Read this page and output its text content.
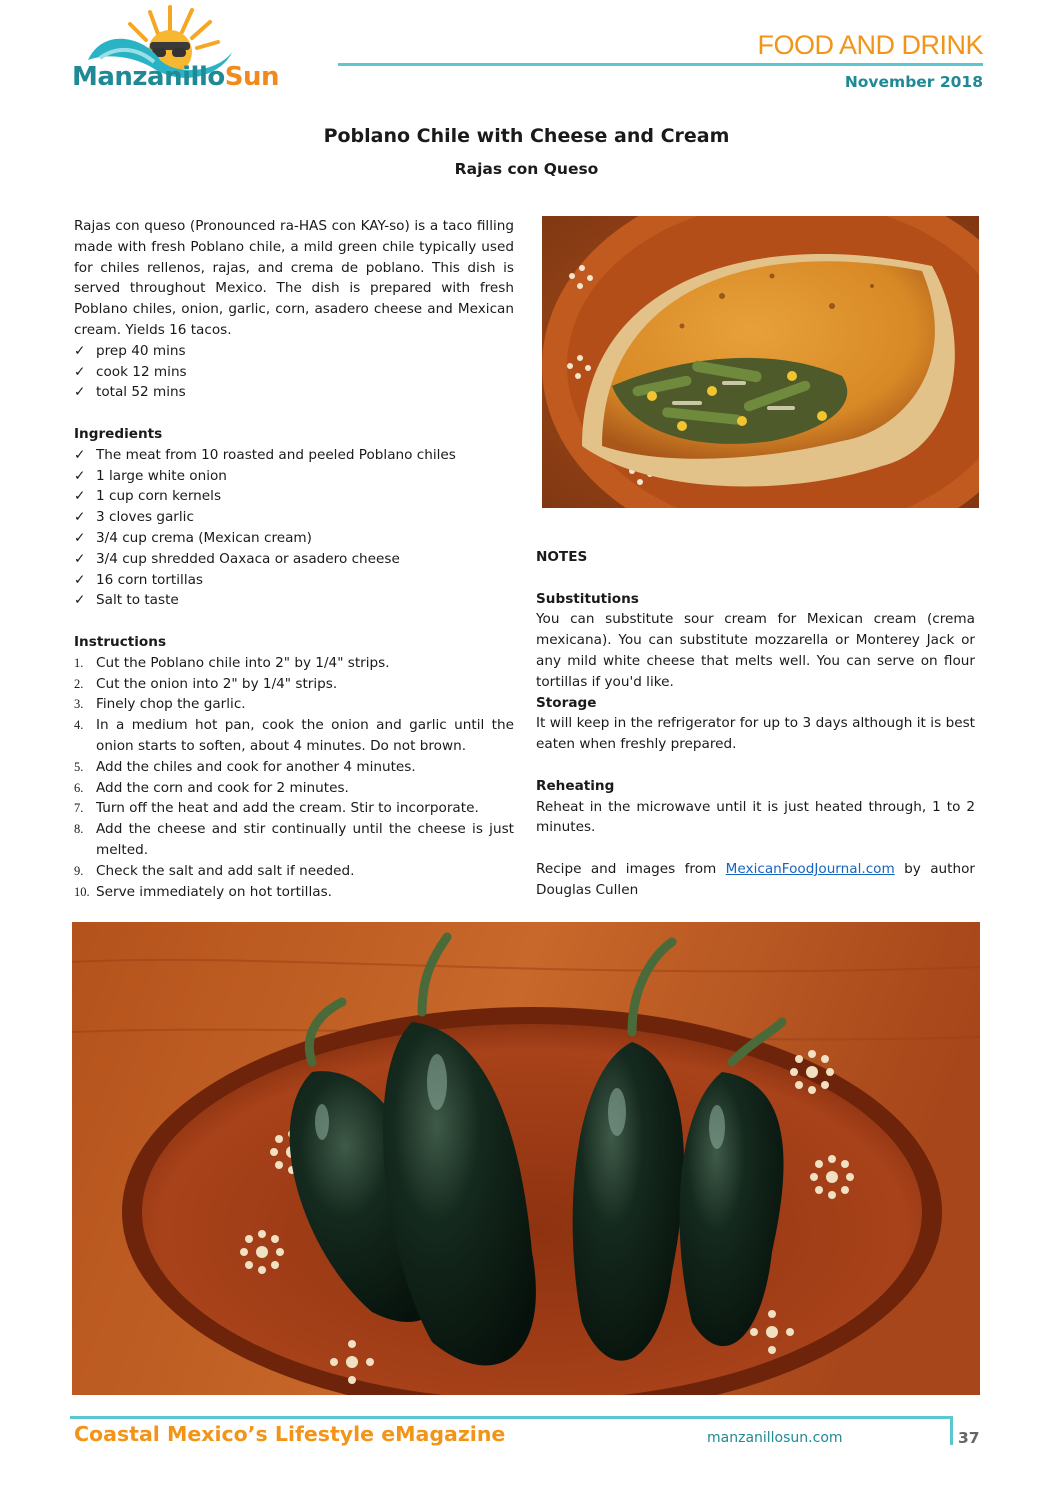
ManzanilloSun
FOOD AND DRINK
November 2018
Poblano Chile with Cheese and Cream
Rajas con Queso

Rajas con queso (Pronounced ra-HAS con KAY-so) is a taco filling made with fresh Poblano chile, a mild green chile typically used for chiles rellenos, rajas, and crema de poblano. This dish is served throughout Mexico. The dish is prepared with fresh Poblano chiles, onion, garlic, corn, asadero cheese and Mexican cream. Yields 16 tacos.

✓ prep 40 mins
✓ cook 12 mins
✓ total 52 mins
Ingredients
✓ The meat from 10 roasted and peeled Poblano chiles
✓ 1 large white onion
✓ 1 cup corn kernels
✓ 3 cloves garlic
✓ 3/4 cup crema (Mexican cream)
✓ 3/4 cup shredded Oaxaca or asadero cheese
✓ 16 corn tortillas
✓ Salt to taste
Instructions
1. Cut the Poblano chile into 2" by 1/4" strips.
2. Cut the onion into 2" by 1/4" strips.
3. Finely chop the garlic.
4. In a medium hot pan, cook the onion and garlic until the onion starts to soften, about 4 minutes. Do not brown.
5. Add the chiles and cook for another 4 minutes.
6. Add the corn and cook for 2 minutes.
7. Turn off the heat and add the cream. Stir to incorporate.
8. Add the cheese and stir continually until the cheese is just melted.
9. Check the salt and add salt if needed.
10. Serve immediately on hot tortillas.
NOTES
Substitutions

You can substitute sour cream for Mexican cream (crema mexicana). You can substitute mozzarella or Monterey Jack or any mild white cheese that melts well. You can serve on flour tortillas if you'd like.

Storage

It will keep in the refrigerator for up to 3 days although it is best eaten when freshly prepared.

Reheating

Reheat in the microwave until it is just heated through, 1 to 2 minutes.

Recipe and images from MexicanFoodJournal.com by author Douglas Cullen

Coastal Mexico’s Lifestyle eMagazine	manzanillosun.com	37
